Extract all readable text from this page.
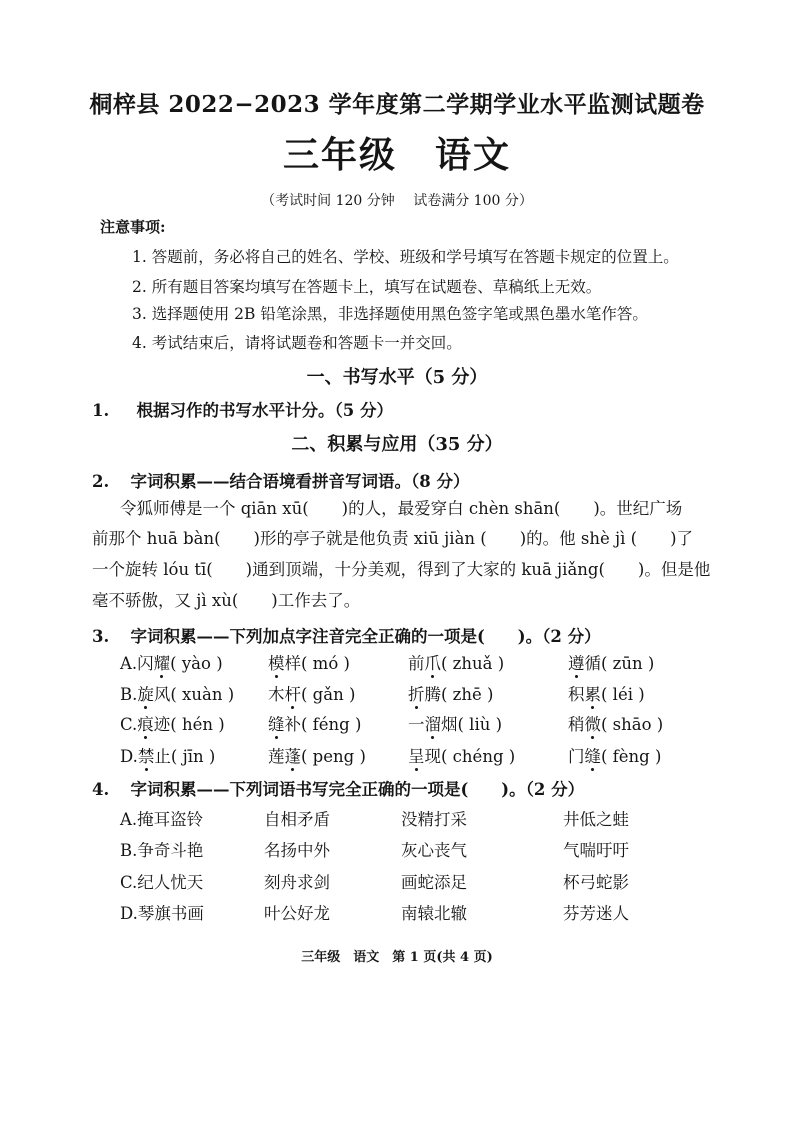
桐梓县 2022−2023 学年度第二学期学业水平监测试题卷
三年级　语文
（考试时间 120 分钟　 试卷满分 100 分）
注意事项:
1. 答题前，务必将自己的姓名、学校、班级和学号填写在答题卡规定的位置上。
2. 所有题目答案均填写在答题卡上，填写在试题卷、草稿纸上无效。
3. 选择题使用 2B 铅笔涂黑，非选择题使用黑色签字笔或黑色墨水笔作答。
4. 考试结束后，请将试题卷和答题卡一并交回。
一、书写水平（5 分）
1. 根据习作的书写水平计分。（5 分）
二、积累与应用（35 分）
2. 字词积累——结合语境看拼音写词语。（8 分）
令狐师傅是一个 qiān xū(　　)的人，最爱穿白 chèn shān(　　)。世纪广场
前那个 huā bàn(　　)形的亭子就是他负责 xiū jiàn (　　)的。他 shè jì (　　)了
一个旋转 lóu tī(　　)通到顶端，十分美观，得到了大家的 kuā jiǎng(　　)。但是他
毫不骄傲，又 jì xù(　　)工作去了。
3. 字词积累——下列加点字注音完全正确的一项是(　　)。（2 分）
A.闪耀( yào )	模样( mó )	前爪( zhuǎ )	遵循( zūn )
B.旋风( xuàn ) 木杆( gǎn )	折腾( zhē )	积累( léi )
C.痕迹( hén )	缝补( féng )	一溜烟( liù )	稍微( shāo )
D.禁止( jīn )	莲蓬( peng )	呈现( chéng )	门缝( fèng )
4. 字词积累——下列词语书写完全正确的一项是(　　)。（2 分）
A.掩耳盗铃	自相矛盾	没精打采	井低之蛙
B.争奇斗艳	名扬中外	灰心丧气	气喘吁吁
C.纪人忧天	刻舟求剑	画蛇添足	杯弓蛇影
D.琴旗书画	叶公好龙	南辕北辙	芬芳迷人
三年级　语文　第 1 页(共 4 页)
